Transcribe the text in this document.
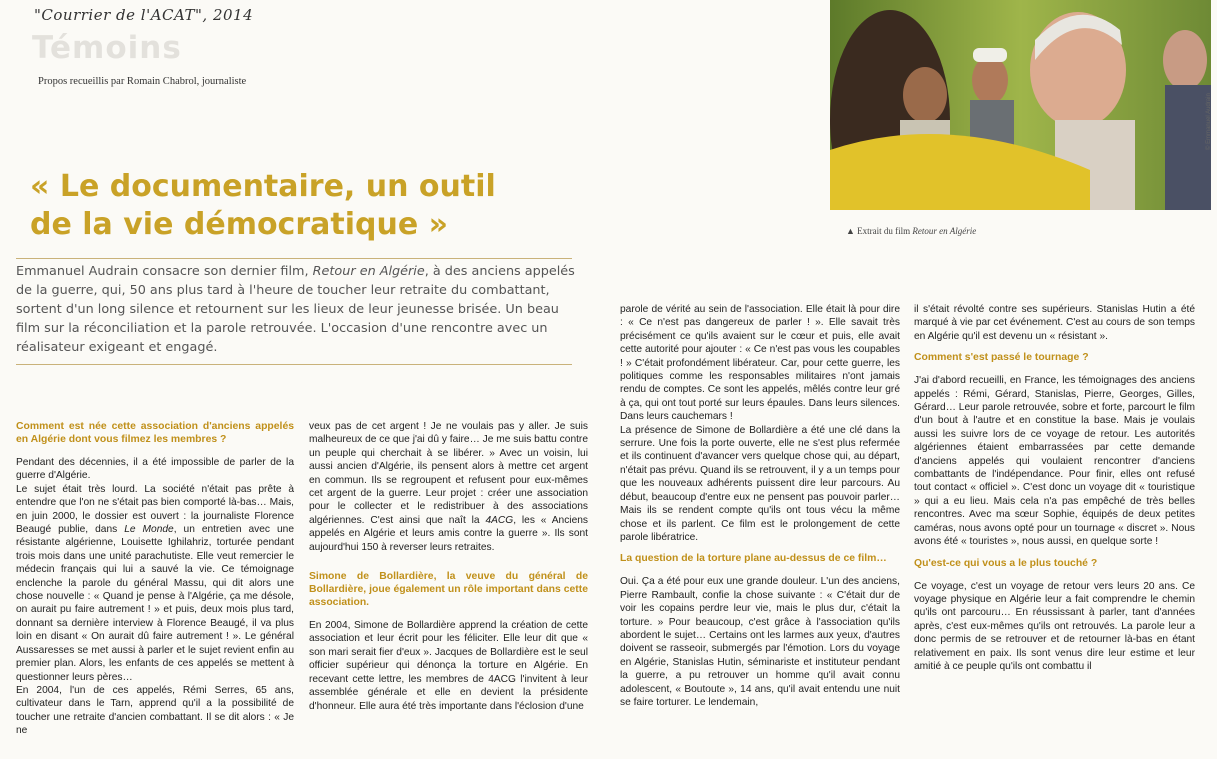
"Courrier de l'ACAT", 2014
Témoins
Propos recueillis par Romain Chabrol, journaliste
« Le documentaire, un outil
de la vie démocratique »
Emmanuel Audrain consacre son dernier film, Retour en Algérie, à des anciens appelés de la guerre, qui, 50 ans plus tard à l'heure de toucher leur retraite du combattant, sortent d'un long silence et retournent sur les lieux de leur jeunesse brisée. Un beau film sur la réconciliation et la parole retrouvée. L'occasion d'une rencontre avec un réalisateur exigeant et engagé.
© Emmanuel Audrain
▲ Extrait du film Retour en Algérie

Comment est née cette association d'anciens appelés en Algérie dont vous filmez les membres ?

Pendant des décennies, il a été impossible de parler de la guerre d'Algérie.

Le sujet était très lourd. La société n'était pas prête à entendre que l'on ne s'était pas bien comporté là-bas… Mais, en juin 2000, le dossier est ouvert : la journaliste Florence Beaugé publie, dans Le Monde, un entretien avec une résistante algérienne, Louisette Ighilahriz, torturée pendant trois mois dans une unité parachutiste. Elle veut remercier le médecin français qui lui a sauvé la vie. Ce témoignage enclenche la parole du général Massu, qui dit alors une chose nouvelle : « Quand je pense à l'Algérie, ça me désole, on aurait pu faire autrement ! » et puis, deux mois plus tard, donnant sa dernière interview à Florence Beaugé, il va plus loin en disant « On aurait dû faire autrement ! ». Le général Aussaresses se met aussi à parler et le sujet revient enfin au premier plan. Alors, les enfants de ces appelés se mettent à questionner leurs pères…

En 2004, l'un de ces appelés, Rémi Serres, 65 ans, cultivateur dans le Tarn, apprend qu'il a la possibilité de toucher une retraite d'ancien combattant. Il se dit alors : « Je ne

veux pas de cet argent ! Je ne voulais pas y aller. Je suis malheureux de ce que j'ai dû y faire… Je me suis battu contre un peuple qui cherchait à se libérer. » Avec un voisin, lui aussi ancien d'Algérie, ils pensent alors à mettre cet argent en commun. Ils se regroupent et refusent pour eux-mêmes cet argent de la guerre. Leur projet : créer une association pour le collecter et le redistribuer à des associations algériennes. C'est ainsi que naît la 4ACG, les « Anciens appelés en Algérie et leurs amis contre la guerre ». Ils sont aujourd'hui 150 à reverser leurs retraites.

Simone de Bollardière, la veuve du général de Bollardière, joue également un rôle important dans cette association.

En 2004, Simone de Bollardière apprend la création de cette association et leur écrit pour les féliciter. Elle leur dit que « son mari serait fier d'eux ». Jacques de Bollardière est le seul officier supérieur qui dénonça la torture en Algérie. En recevant cette lettre, les membres de 4ACG l'invitent à leur assemblée générale et elle en devient la présidente d'honneur. Elle aura été très importante dans l'éclosion d'une

parole de vérité au sein de l'association. Elle était là pour dire : « Ce n'est pas dangereux de parler ! ». Elle savait très précisément ce qu'ils avaient sur le cœur et puis, elle avait cette autorité pour ajouter : « Ce n'est pas vous les coupables ! » C'était profondément libérateur. Car, pour cette guerre, les politiques comme les responsables militaires n'ont jamais rendu de comptes. Ce sont les appelés, mêlés contre leur gré à ça, qui ont tout porté sur leurs épaules. Dans leurs silences. Dans leurs cauchemars !

La présence de Simone de Bollardière a été une clé dans la serrure. Une fois la porte ouverte, elle ne s'est plus refermée et ils continuent d'avancer vers quelque chose qui, au départ, n'était pas prévu. Quand ils se retrouvent, il y a un temps pour que les nouveaux adhérents puissent dire leur parcours. Au début, beaucoup d'entre eux ne pensent pas pouvoir parler… Mais ils se rendent compte qu'ils ont tous vécu la même chose et ils parlent. Ce film est le prolongement de cette parole libératrice.

La question de la torture plane au-dessus de ce film…

Oui. Ça a été pour eux une grande douleur. L'un des anciens, Pierre Rambault, confie la chose suivante : « C'était dur de voir les copains perdre leur vie, mais le plus dur, c'était la torture. » Pour beaucoup, c'est grâce à l'association qu'ils abordent le sujet… Certains ont les larmes aux yeux, d'autres doivent se rasseoir, submergés par l'émotion. Lors du voyage en Algérie, Stanislas Hutin, séminariste et instituteur pendant la guerre, a pu retrouver un homme qu'il avait connu adolescent, « Boutoute », 14 ans, qu'il avait entendu une nuit se faire torturer. Le lendemain,

il s'était révolté contre ses supérieurs. Stanislas Hutin a été marqué à vie par cet événement. C'est au cours de son temps en Algérie qu'il est devenu un « résistant ».

Comment s'est passé le tournage ?

J'ai d'abord recueilli, en France, les témoignages des anciens appelés : Rémi, Gérard, Stanislas, Pierre, Georges, Gilles, Gérard… Leur parole retrouvée, sobre et forte, parcourt le film d'un bout à l'autre et en constitue la base. Mais je voulais aussi les suivre lors de ce voyage de retour. Les autorités algériennes étaient embarrassées par cette demande d'anciens appelés qui voulaient rencontrer d'anciens combattants de l'indépendance. Pour finir, elles ont refusé tout contact « officiel ». C'est donc un voyage dit « touristique » qui a eu lieu. Mais cela n'a pas empêché de très belles rencontres. Avec ma sœur Sophie, équipés de deux petites caméras, nous avons opté pour un tournage « discret ». Nous avons été « touristes », nous aussi, en quelque sorte !

Qu'est-ce qui vous a le plus touché ?

Ce voyage, c'est un voyage de retour vers leurs 20 ans. Ce voyage physique en Algérie leur a fait comprendre le chemin qu'ils ont parcouru… En réussissant à parler, tant d'années après, c'est eux-mêmes qu'ils ont retrouvés. La parole leur a donc permis de se retrouver et de retourner là-bas en étant relativement en paix. Ils sont venus dire leur estime et leur amitié à ce peuple qu'ils ont combattu il
